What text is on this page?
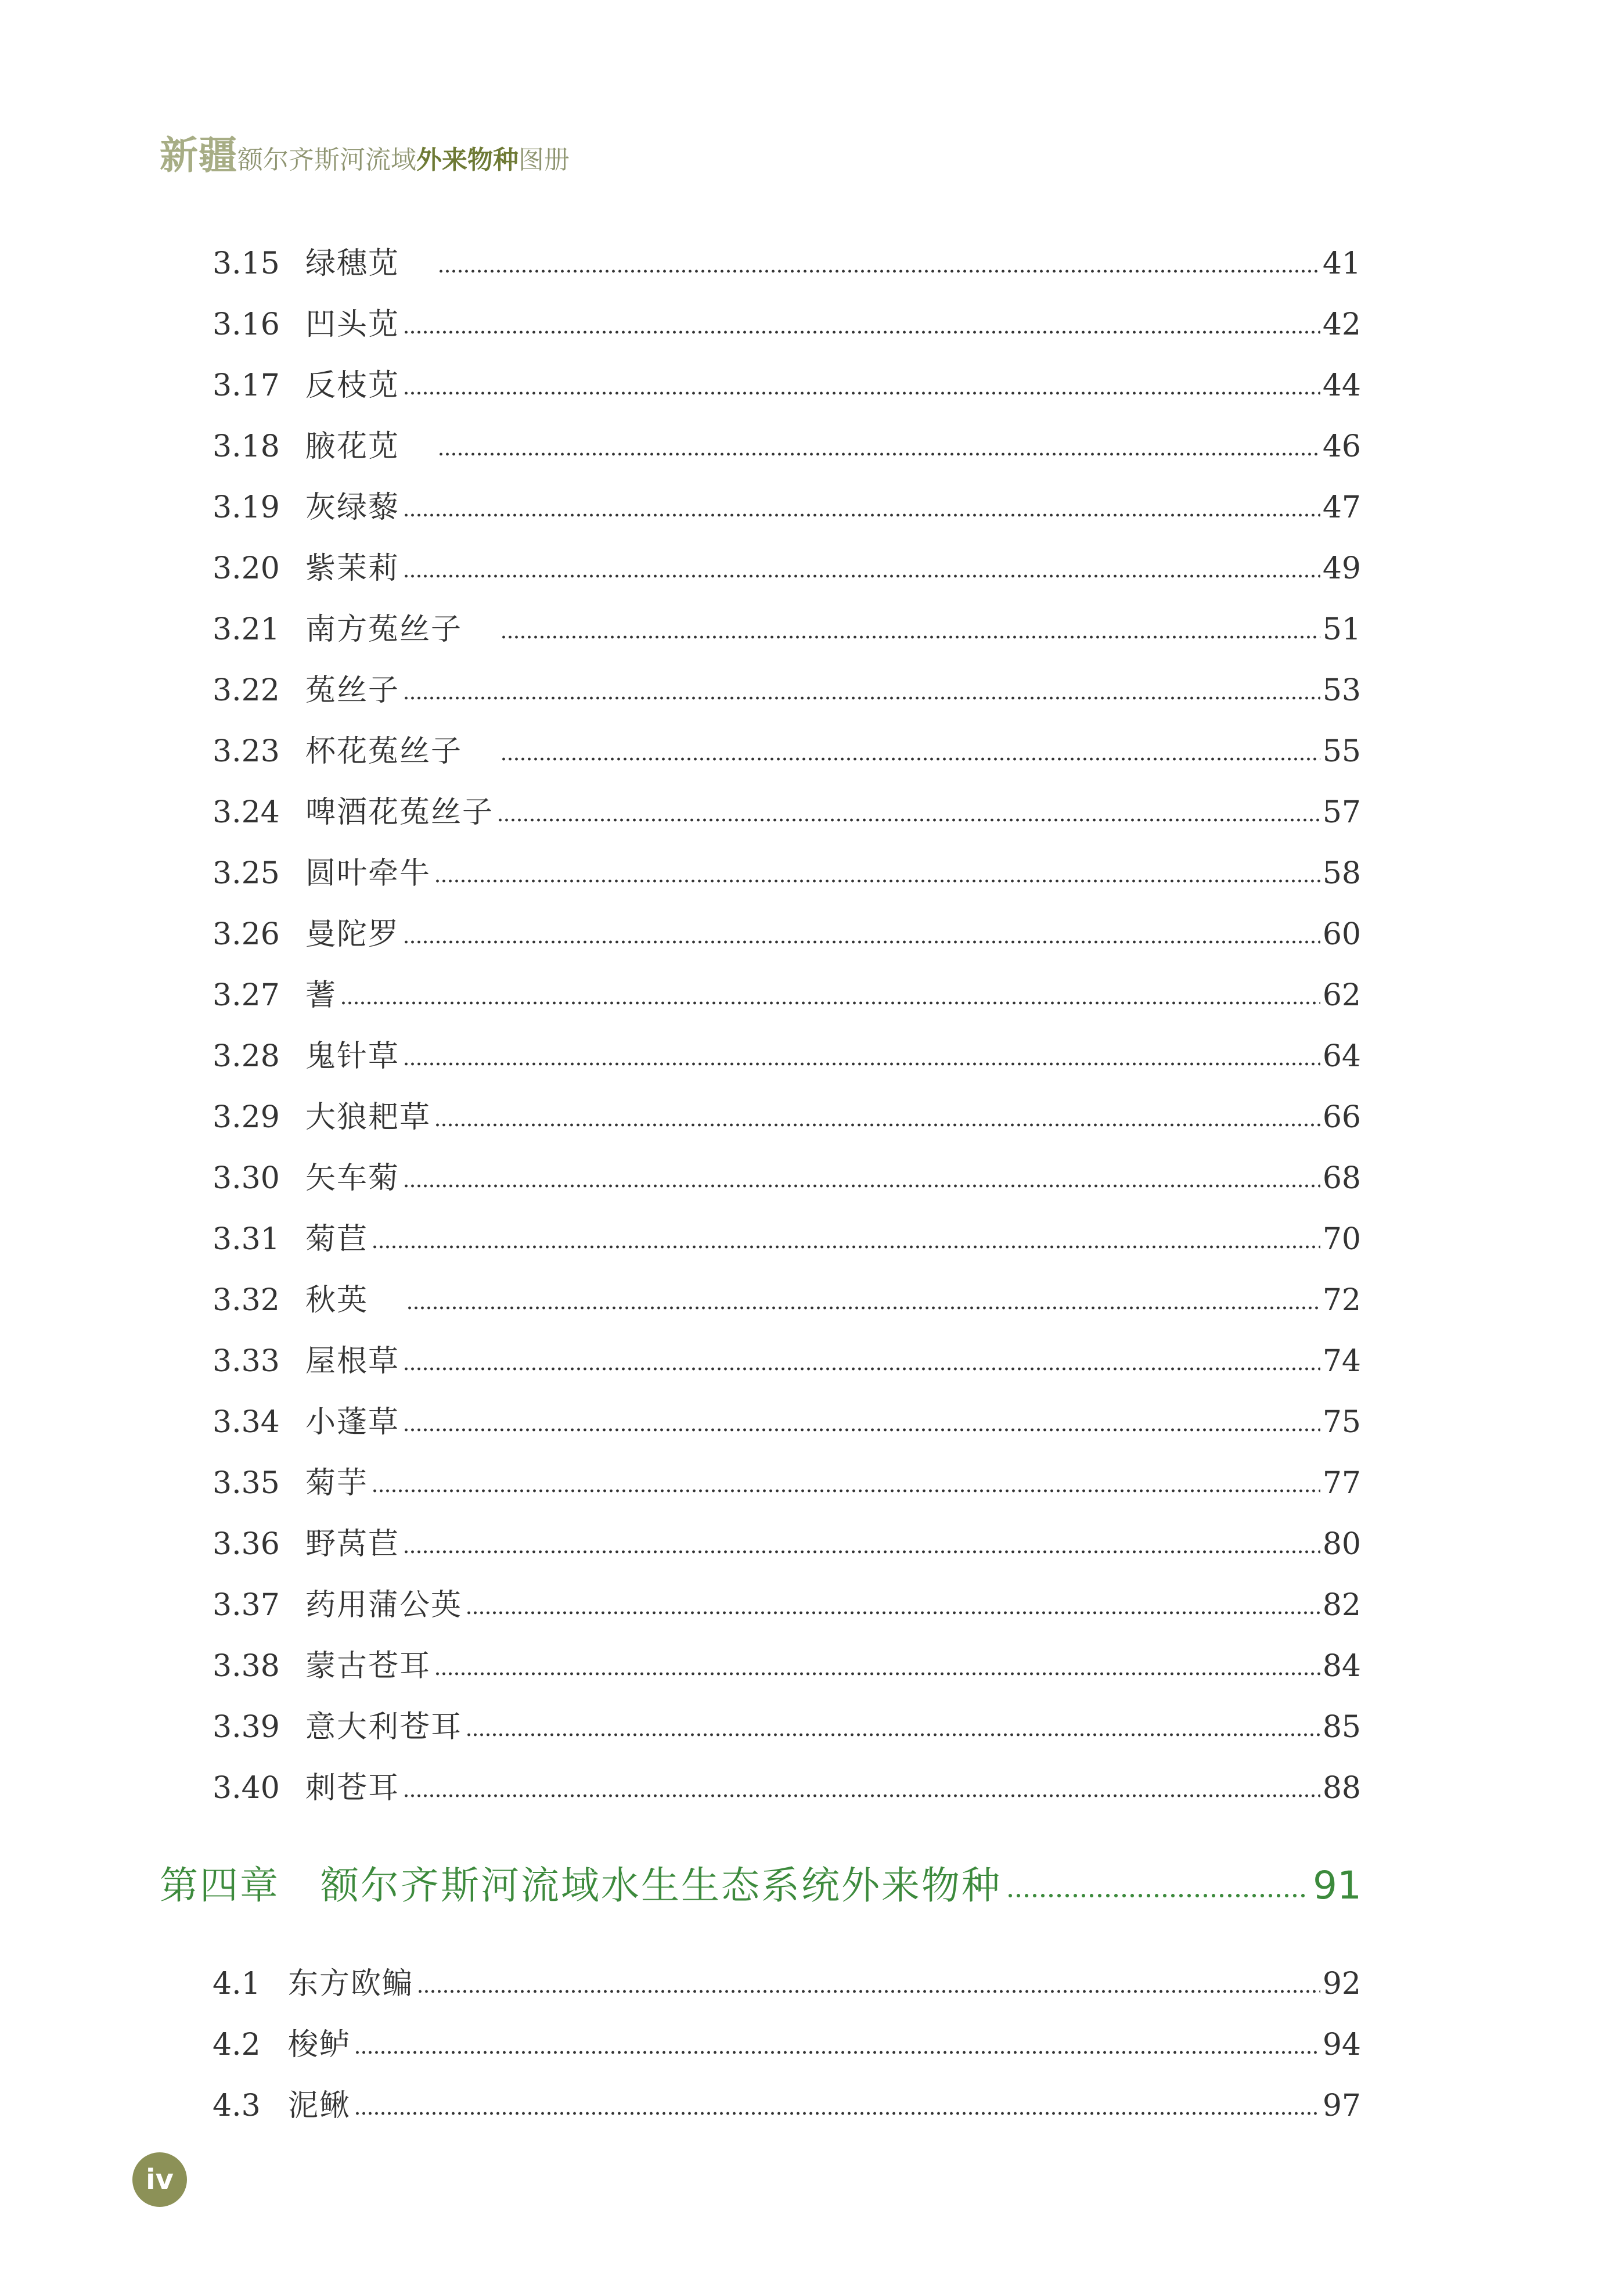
新疆 额尔齐斯河流域 外来物种 图册
3.15 绿穗苋	41
3.16 凹头苋	42
3.17 反枝苋	44
3.18 腋花苋	46
3.19 灰绿藜	47
3.20 紫茉莉	49
3.21 南方菟丝子	51
3.22 菟丝子	53
3.23 杯花菟丝子	55
3.24 啤酒花菟丝子	57
3.25 圆叶牵牛	58
3.26 曼陀罗	60
3.27 蓍	62
3.28 鬼针草	64
3.29 大狼耙草	66
3.30 矢车菊	68
3.31 菊苣	70
3.32 秋英	72
3.33 屋根草	74
3.34 小蓬草	75
3.35 菊芋	77
3.36 野莴苣	80
3.37 药用蒲公英	82
3.38 蒙古苍耳	84
3.39 意大利苍耳	85
3.40 刺苍耳	88
第四章 额尔齐斯河流域水生生态系统外来物种	91
4.1 东方欧鳊	92
4.2 梭鲈	94
4.3 泥鳅	97
iv
